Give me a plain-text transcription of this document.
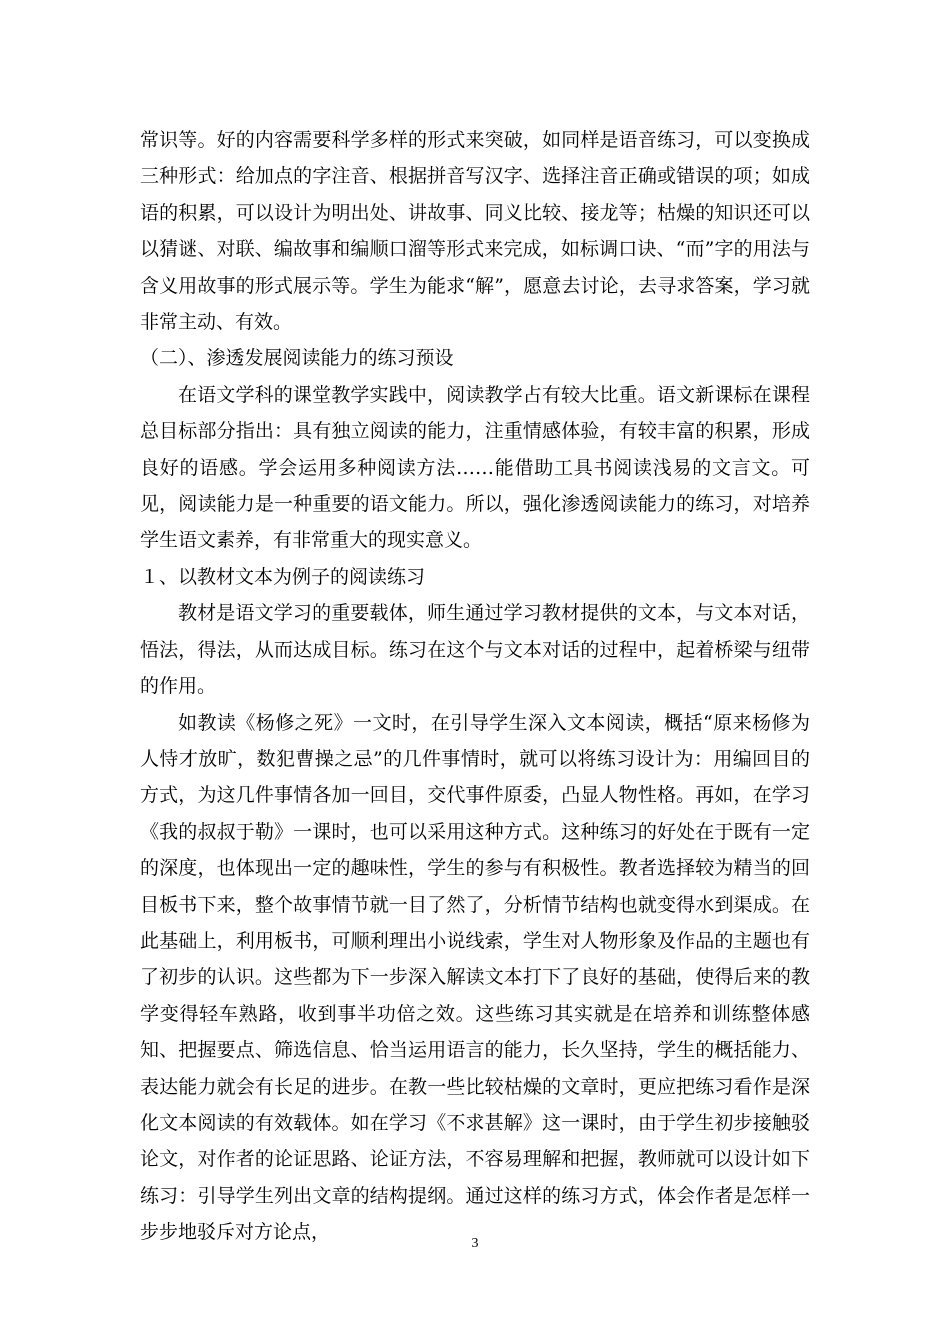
常识等。好的内容需要科学多样的形式来突破，如同样是语音练习，可以变换成三种形式：给加点的字注音、根据拼音写汉字、选择注音正确或错误的项；如成语的积累，可以设计为明出处、讲故事、同义比较、接龙等；枯燥的知识还可以以猜谜、对联、编故事和编顺口溜等形式来完成，如标调口诀、“而”字的用法与含义用故事的形式展示等。学生为能求“解”，愿意去讨论，去寻求答案，学习就非常主动、有效。

（二）、渗透发展阅读能力的练习预设

在语文学科的课堂教学实践中，阅读教学占有较大比重。语文新课标在课程总目标部分指出：具有独立阅读的能力，注重情感体验，有较丰富的积累，形成良好的语感。学会运用多种阅读方法……能借助工具书阅读浅易的文言文。可见，阅读能力是一种重要的语文能力。所以，强化渗透阅读能力的练习，对培养学生语文素养，有非常重大的现实意义。

１、以教材文本为例子的阅读练习

教材是语文学习的重要载体，师生通过学习教材提供的文本，与文本对话，悟法，得法，从而达成目标。练习在这个与文本对话的过程中，起着桥梁与纽带的作用。

如教读《杨修之死》一文时，在引导学生深入文本阅读，概括“原来杨修为人恃才放旷，数犯曹操之忌”的几件事情时，就可以将练习设计为：用编回目的方式，为这几件事情各加一回目，交代事件原委，凸显人物性格。再如，在学习《我的叔叔于勒》一课时，也可以采用这种方式。这种练习的好处在于既有一定的深度，也体现出一定的趣味性，学生的参与有积极性。教者选择较为精当的回目板书下来，整个故事情节就一目了然了，分析情节结构也就变得水到渠成。在此基础上，利用板书，可顺利理出小说线索，学生对人物形象及作品的主题也有了初步的认识。这些都为下一步深入解读文本打下了良好的基础，使得后来的教学变得轻车熟路，收到事半功倍之效。这些练习其实就是在培养和训练整体感知、把握要点、筛选信息、恰当运用语言的能力，长久坚持，学生的概括能力、表达能力就会有长足的进步。在教一些比较枯燥的文章时，更应把练习看作是深化文本阅读的有效载体。如在学习《不求甚解》这一课时，由于学生初步接触驳论文，对作者的论证思路、论证方法，不容易理解和把握，教师就可以设计如下练习：引导学生列出文章的结构提纲。通过这样的练习方式，体会作者是怎样一步步地驳斥对方论点，

3
